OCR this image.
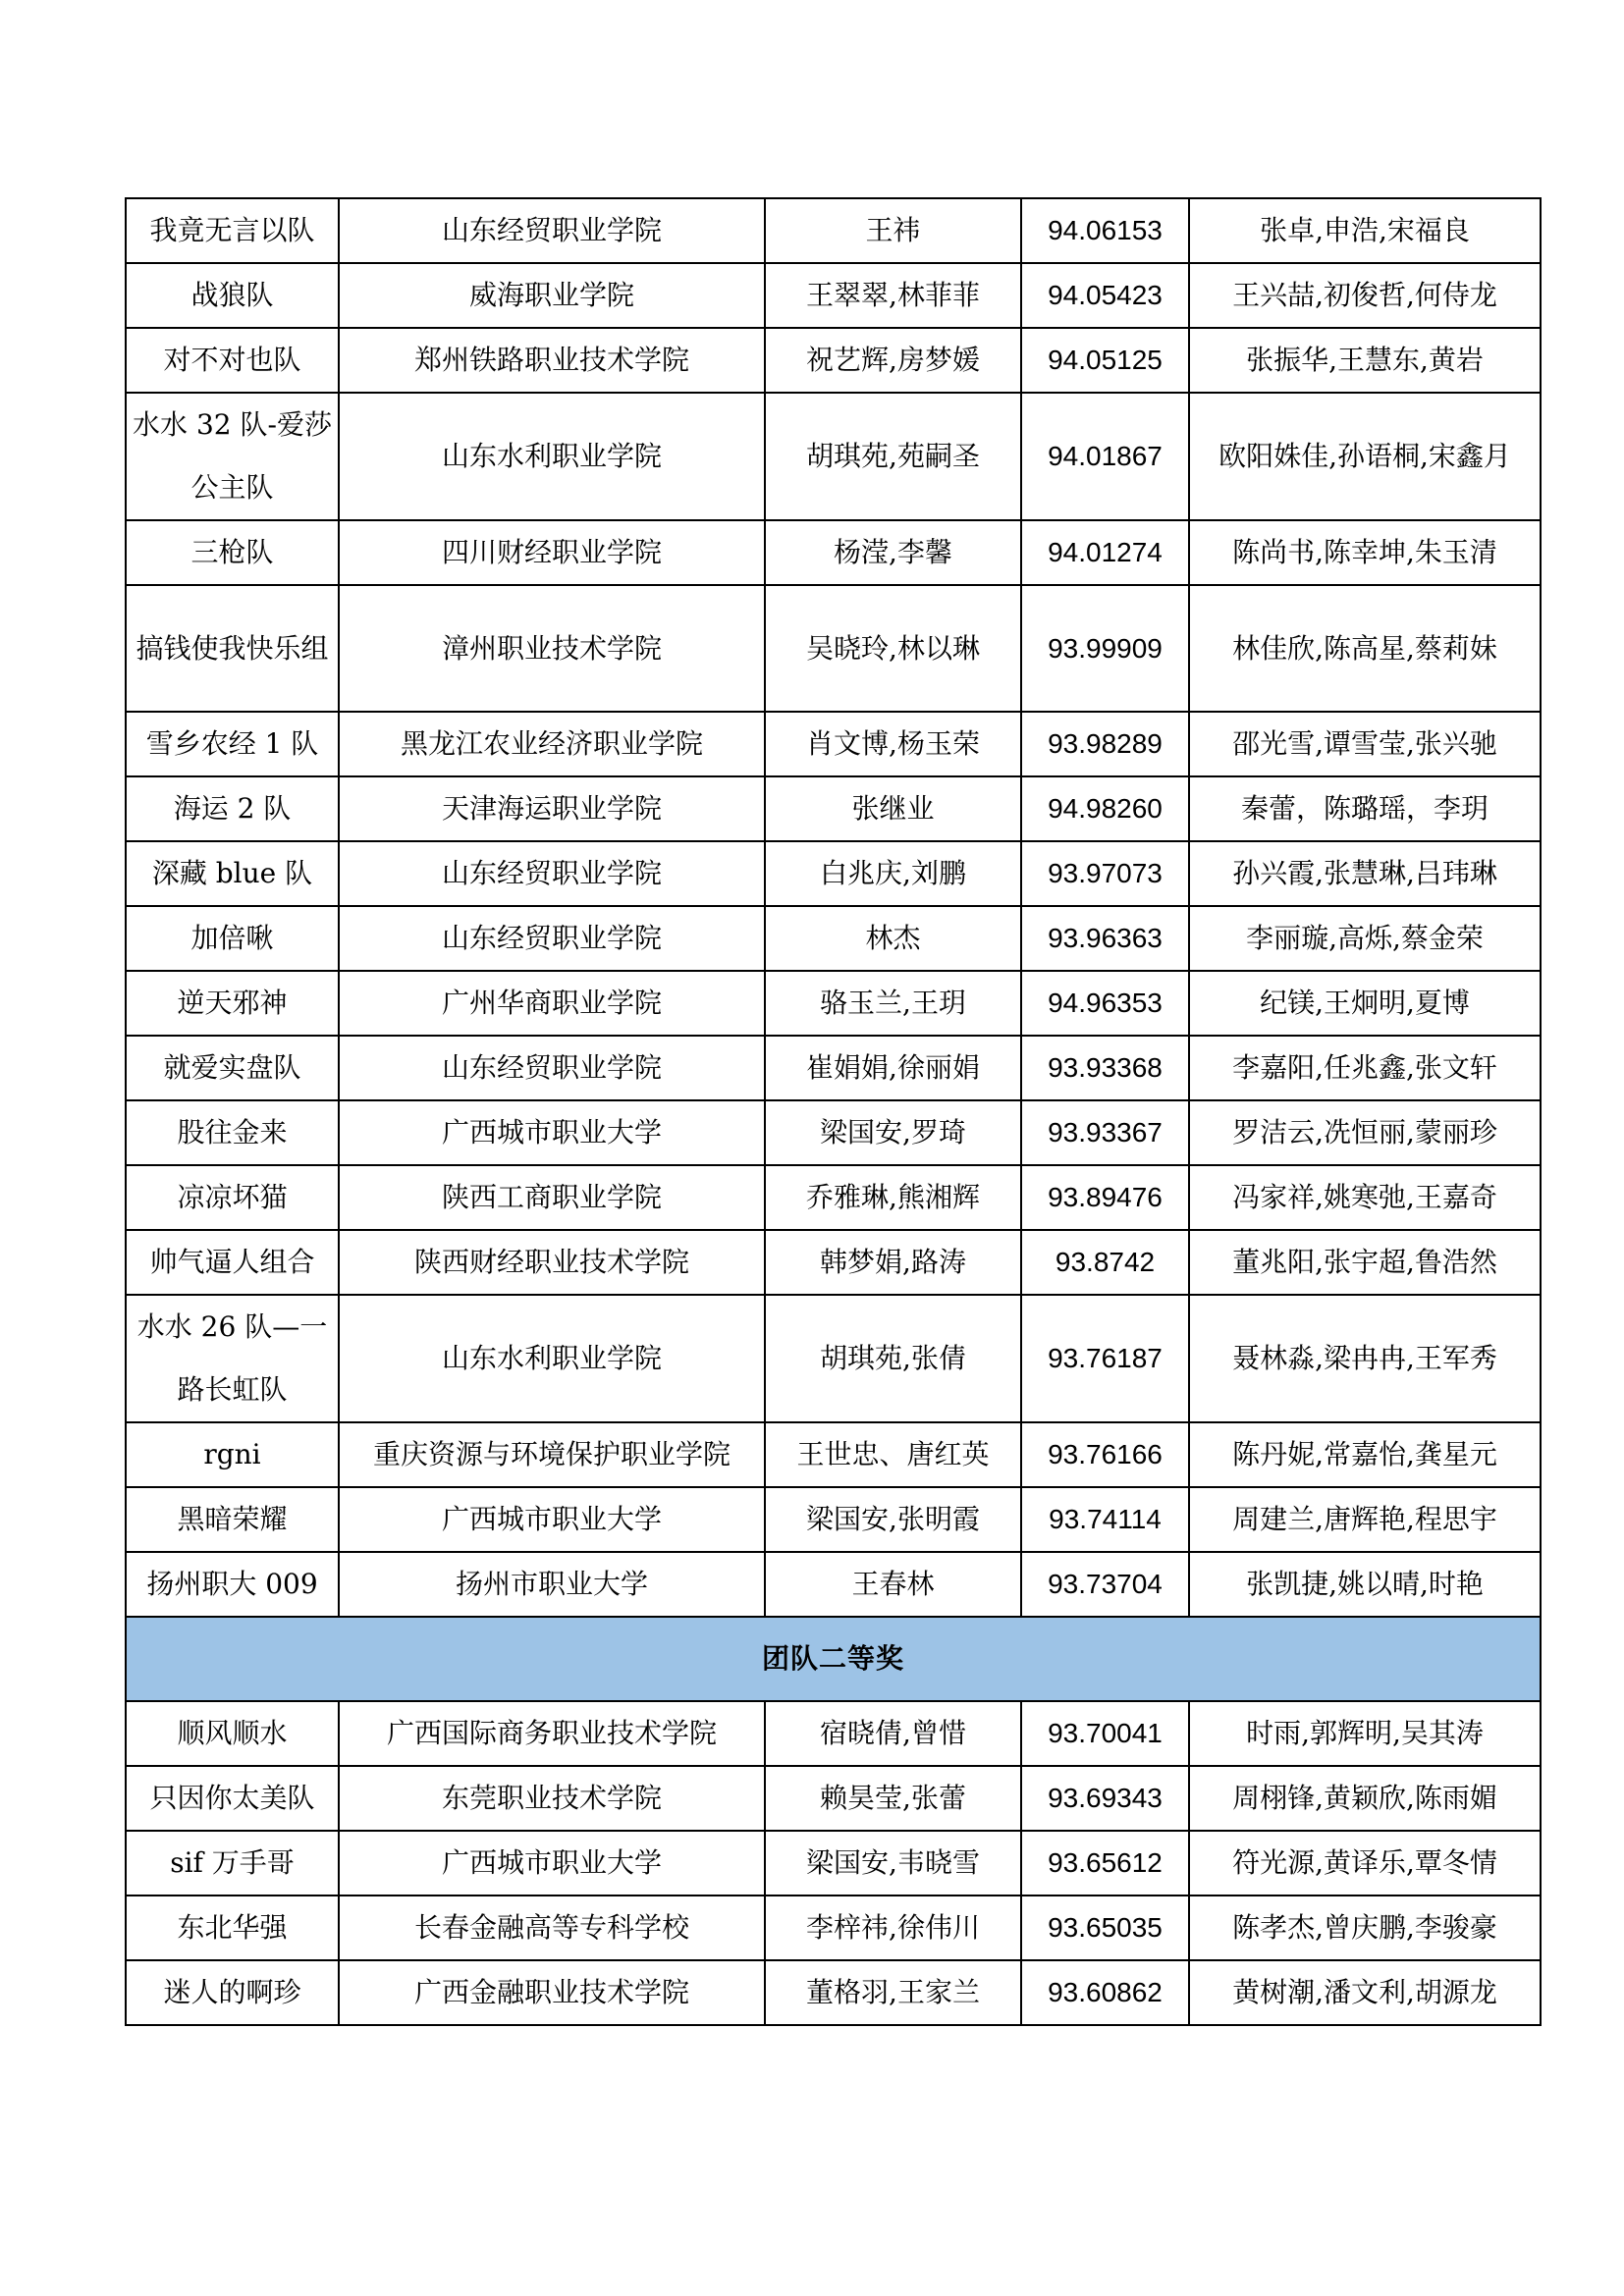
我竟无言以队	山东经贸职业学院	王祎	94.06153	张卓,申浩,宋福良
战狼队	威海职业学院	王翠翠,林菲菲	94.05423	王兴喆,初俊哲,何侍龙
对不对也队	郑州铁路职业技术学院	祝艺辉,房梦媛	94.05125	张振华,王慧东,黄岩
水水 32 队-爱莎公主队	山东水利职业学院	胡琪苑,苑嗣圣	94.01867	欧阳姝佳,孙语桐,宋鑫月
三枪队	四川财经职业学院	杨滢,李馨	94.01274	陈尚书,陈幸坤,朱玉清
搞钱使我快乐组	漳州职业技术学院	吴晓玲,林以琳	93.99909	林佳欣,陈高星,蔡莉妹
雪乡农经 1 队	黑龙江农业经济职业学院	肖文博,杨玉荣	93.98289	邵光雪,谭雪莹,张兴驰
海运 2 队	天津海运职业学院	张继业	94.98260	秦蕾，陈璐瑶，李玥
深藏 blue 队	山东经贸职业学院	白兆庆,刘鹏	93.97073	孙兴霞,张慧琳,吕玮琳
加倍啾	山东经贸职业学院	林杰	93.96363	李丽璇,高烁,蔡金荣
逆天邪神	广州华商职业学院	骆玉兰,王玥	94.96353	纪镁,王炯明,夏博
就爱实盘队	山东经贸职业学院	崔娟娟,徐丽娟	93.93368	李嘉阳,任兆鑫,张文轩
股往金来	广西城市职业大学	梁国安,罗琦	93.93367	罗洁云,冼恒丽,蒙丽珍
凉凉坏猫	陕西工商职业学院	乔雅琳,熊湘辉	93.89476	冯家祥,姚寒弛,王嘉奇
帅气逼人组合	陕西财经职业技术学院	韩梦娟,路涛	93.8742	董兆阳,张宇超,鲁浩然
水水 26 队—一路长虹队	山东水利职业学院	胡琪苑,张倩	93.76187	聂林淼,梁冉冉,王军秀
rgni	重庆资源与环境保护职业学院	王世忠、唐红英	93.76166	陈丹妮,常嘉怡,龚星元
黑暗荣耀	广西城市职业大学	梁国安,张明霞	93.74114	周建兰,唐辉艳,程思宇
扬州职大 009	扬州市职业大学	王春林	93.73704	张凯捷,姚以晴,时艳
团队二等奖				
顺风顺水	广西国际商务职业技术学院	宿晓倩,曾惜	93.70041	时雨,郭辉明,吴其涛
只因你太美队	东莞职业技术学院	赖昊莹,张蕾	93.69343	周栩锋,黄颖欣,陈雨媚
sif 万手哥	广西城市职业大学	梁国安,韦晓雪	93.65612	符光源,黄译乐,覃冬情
东北华强	长春金融高等专科学校	李梓祎,徐伟川	93.65035	陈孝杰,曾庆鹏,李骏豪
迷人的啊珍	广西金融职业技术学院	董格羽,王家兰	93.60862	黄树潮,潘文利,胡源龙
